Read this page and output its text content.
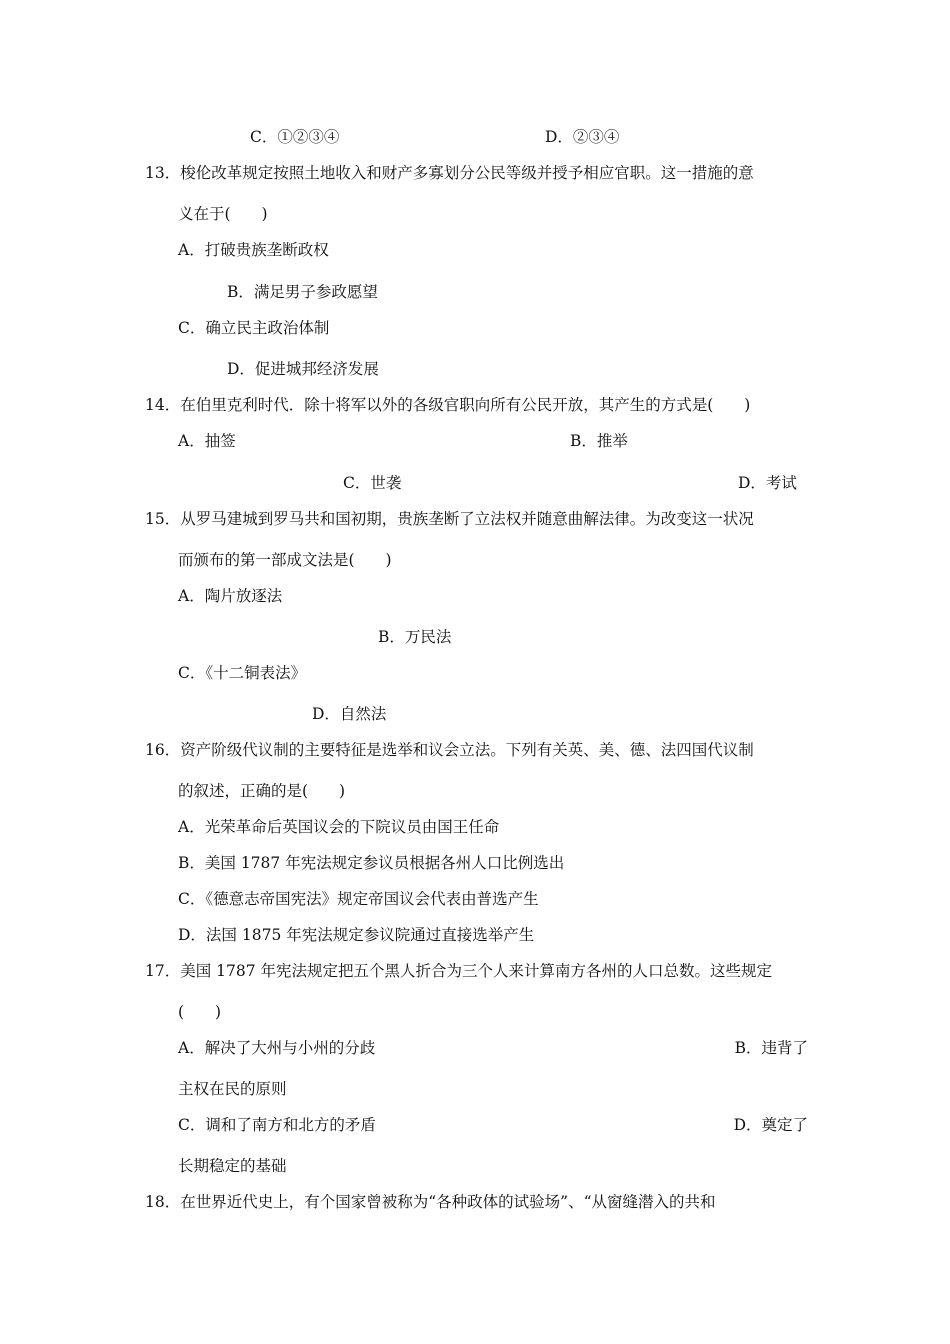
C．①②③④	D．②③④
13．梭伦改革规定按照土地收入和财产多寡划分公民等级并授予相应官职。这一措施的意
义在于(　　)
A．打破贵族垄断政权
B．满足男子参政愿望
C．确立民主政治体制
D．促进城邦经济发展
14．在伯里克利时代．除十将军以外的各级官职向所有公民开放，其产生的方式是(　　)
A．抽签	B．推举
C．世袭	D．考试
15．从罗马建城到罗马共和国初期，贵族垄断了立法权并随意曲解法律。为改变这一状况
而颁布的第一部成文法是(　　)
A．陶片放逐法
B．万民法
C．《十二铜表法》
D．自然法
16．资产阶级代议制的主要特征是选举和议会立法。下列有关英、美、德、法四国代议制
的叙述，正确的是(　　)
A．光荣革命后英国议会的下院议员由国王任命
B．美国 1787 年宪法规定参议员根据各州人口比例选出
C．《德意志帝国宪法》规定帝国议会代表由普选产生
D．法国 1875 年宪法规定参议院通过直接选举产生
17．美国 1787 年宪法规定把五个黑人折合为三个人来计算南方各州的人口总数。这些规定
(　　)
A．解决了大州与小州的分歧	B．违背了
主权在民的原则
C．调和了南方和北方的矛盾	D．奠定了
长期稳定的基础
18．在世界近代史上，有个国家曾被称为“各种政体的试验场”、“从窗缝潜入的共和
